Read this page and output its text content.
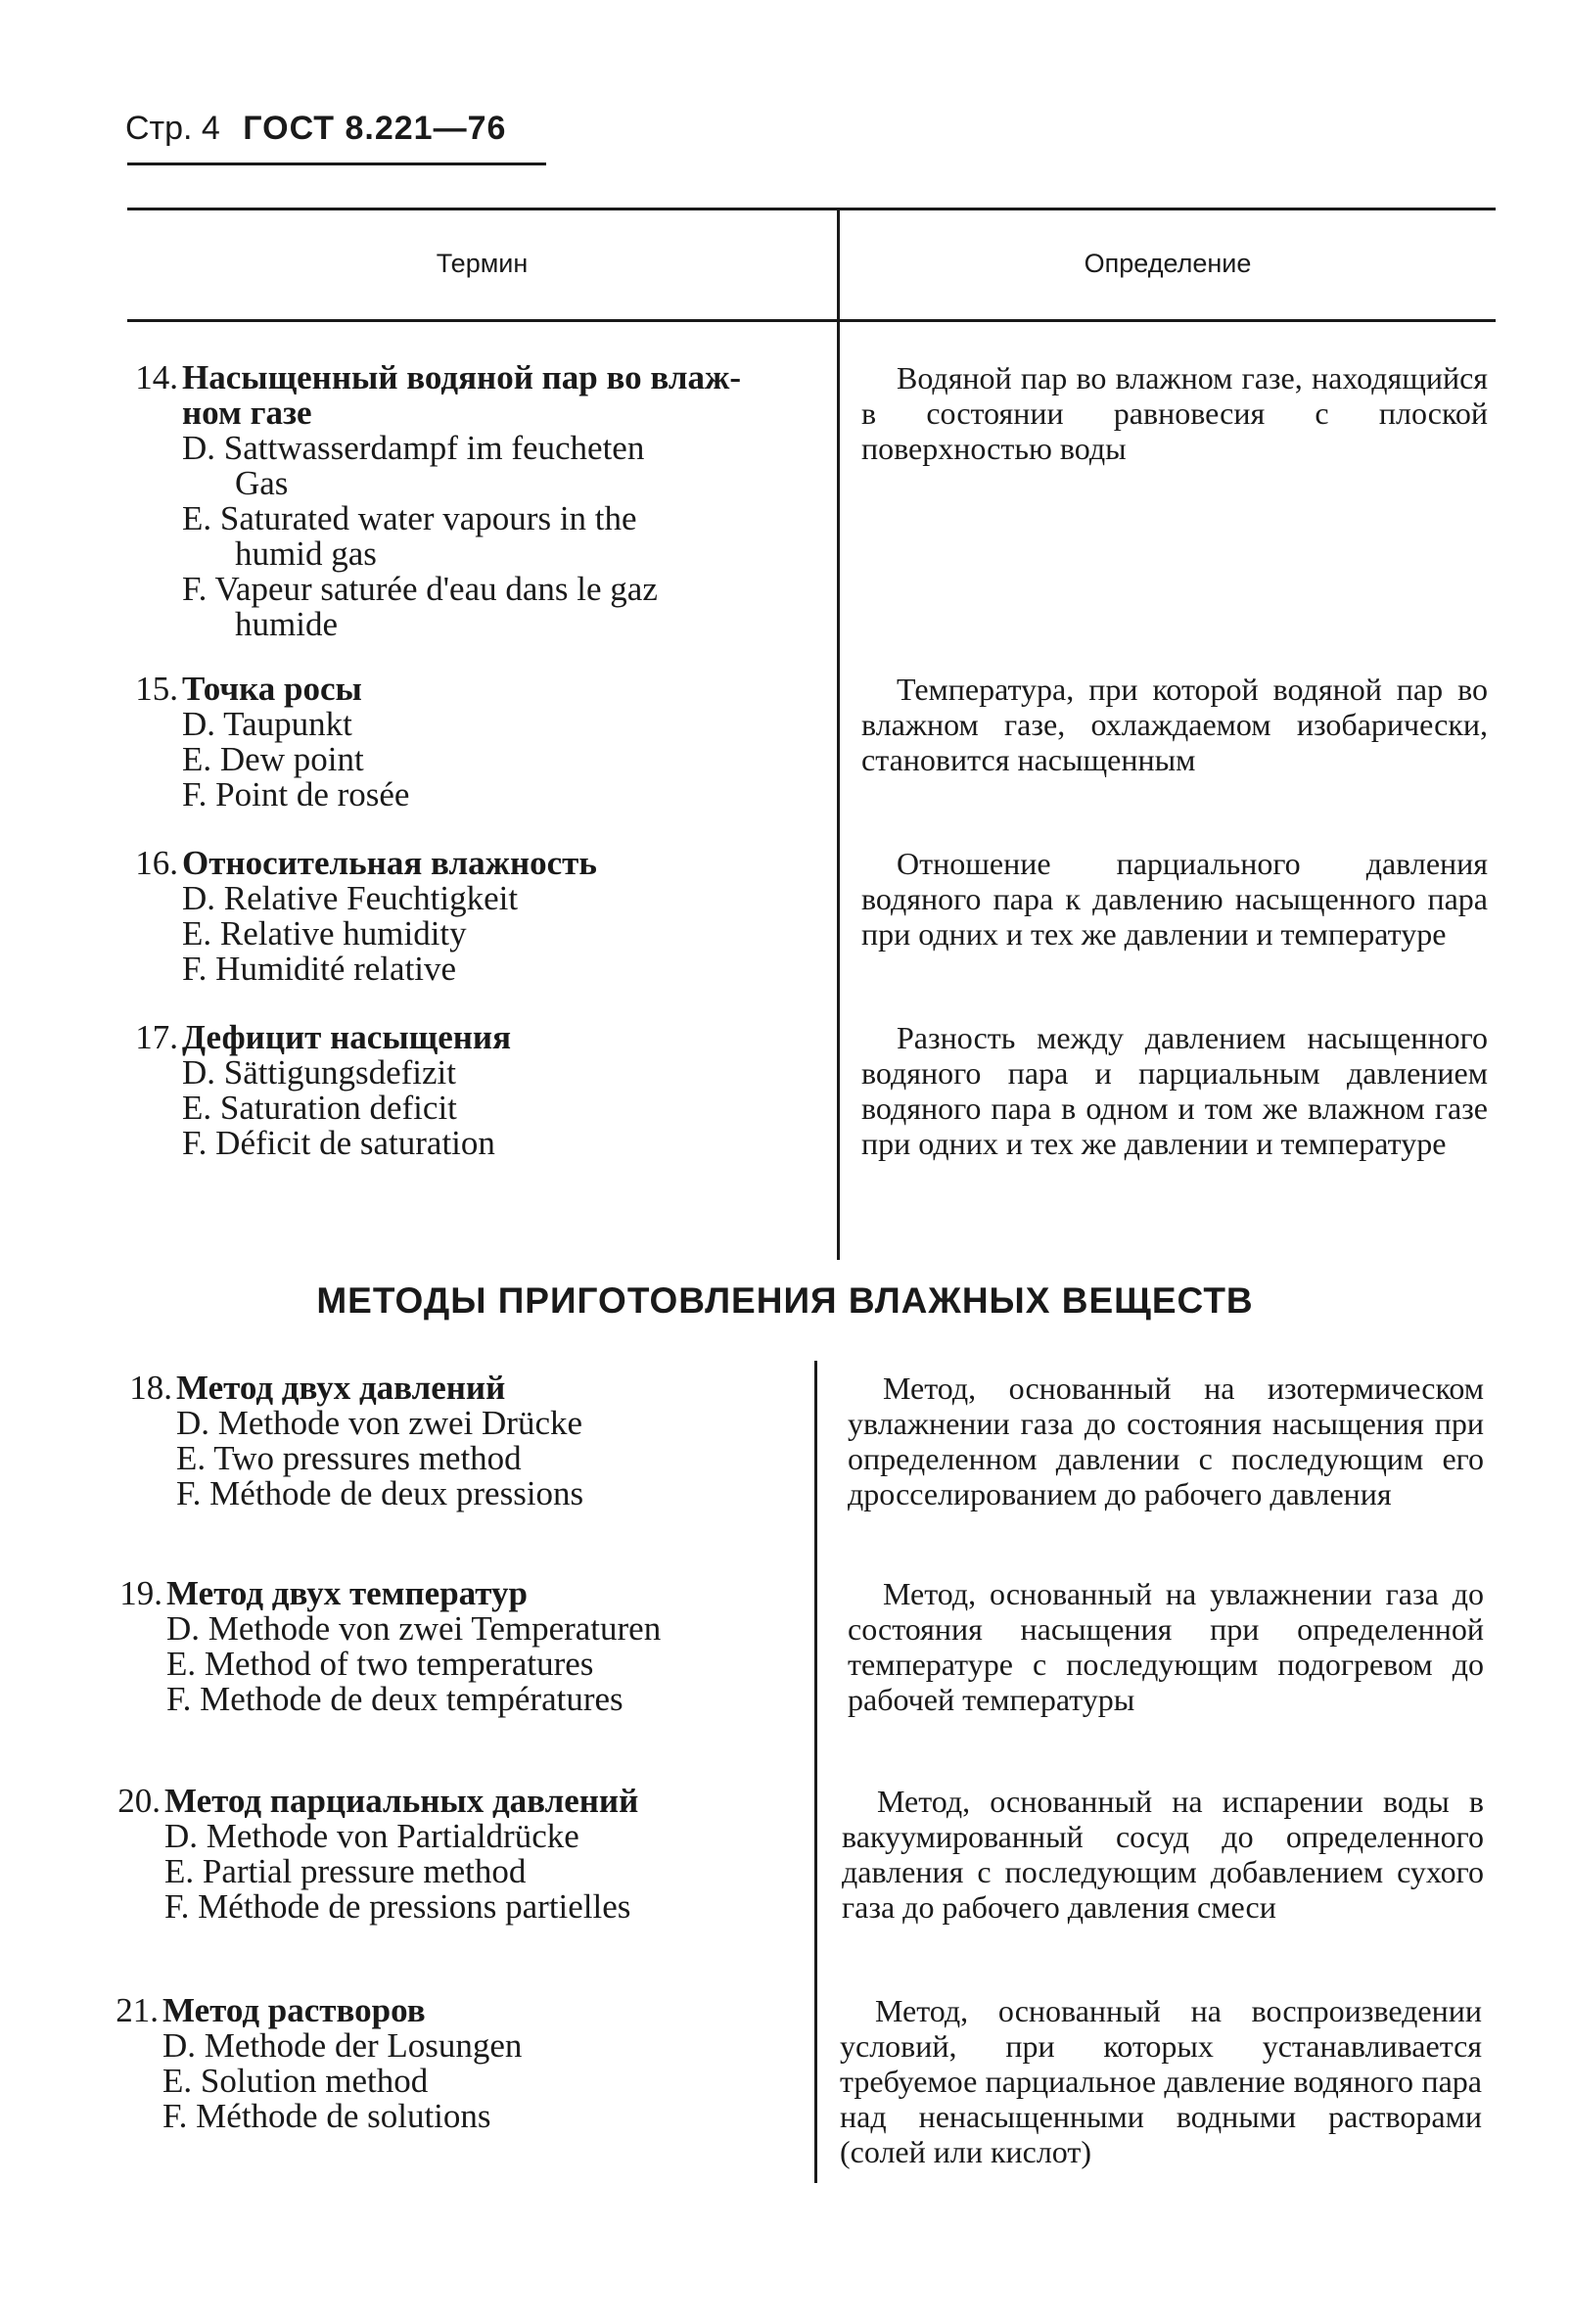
Стр. 4 ГОСТ 8.221—76
Термин	Определение
14. Насыщенный водяной пар во влаж-
ном газе
D. Sattwasserdampf im feucheten
Gas
E. Saturated water vapours in the
humid gas
F. Vapeur saturée d'eau dans le gaz
humide
Водяной пар во влажном газе, находящийся в состоянии равновесия с плоской поверхностью воды
15. Точка росы
D. Taupunkt
E. Dew point
F. Point de rosée
Температура, при которой водяной пар во влажном газе, охлаждаемом изобарически, становится насыщенным
16. Относительная влажность
D. Relative Feuchtigkeit
E. Relative humidity
F. Humidité relative
Отношение парциального давления водяного пара к давлению насыщенного пара при одних и тех же давлении и температуре
17. Дефицит насыщения
D. Sättigungsdefizit
E. Saturation deficit
F. Déficit de saturation
Разность между давлением насыщенного водяного пара и парциальным давлением водяного пара в одном и том же влажном газе при одних и тех же давлении и температуре
МЕТОДЫ ПРИГОТОВЛЕНИЯ ВЛАЖНЫХ ВЕЩЕСТВ
18. Метод двух давлений
D. Methode von zwei Drücke
E. Two pressures method
F. Méthode de deux pressions
Метод, основанный на изотермическом увлажнении газа до состояния насыщения при определенном давлении с последующим его дросселированием до рабочего давления
19. Метод двух температур
D. Methode von zwei Temperaturen
E. Method of two temperatures
F. Methode de deux températures
Метод, основанный на увлажнении газа до состояния насыщения при определенной температуре с последующим подогревом до рабочей температуры
20. Метод парциальных давлений
D. Methode von Partialdrücke
E. Partial pressure method
F. Méthode de pressions partielles
Метод, основанный на испарении воды в вакуумированный сосуд до определенного давления с последующим добавлением сухого газа до рабочего давления смеси
21. Метод растворов
D. Methode der Losungen
E. Solution method
F. Méthode de solutions
Метод, основанный на воспроизведении условий, при которых устанавливается требуемое парциальное давление водяного пара над ненасыщенными водными растворами (солей или кислот)
